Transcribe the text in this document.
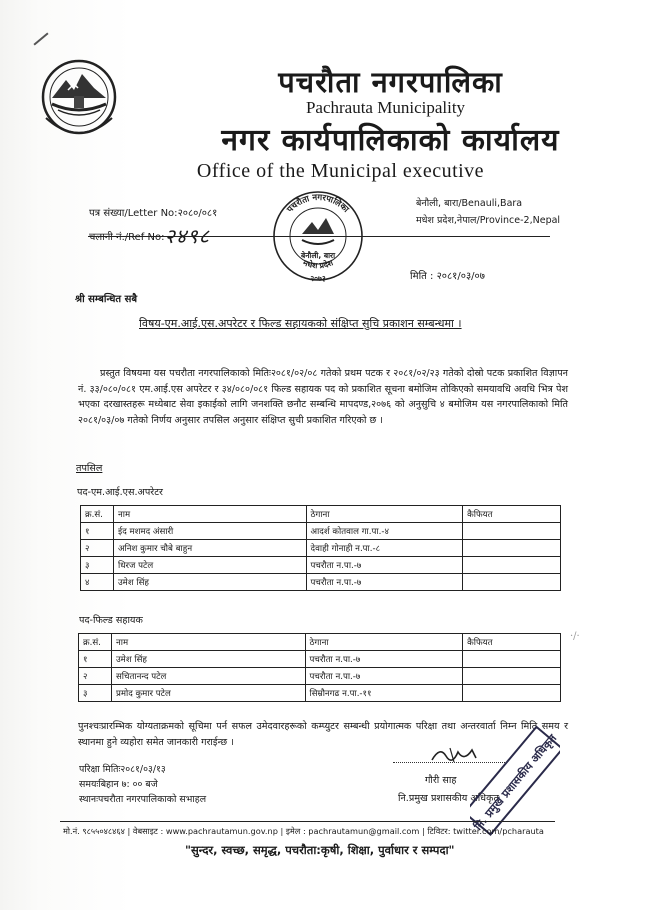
पचरौता नगरपालिका
Pachrauta Municipality
नगर कार्यपालिकाको कार्यालय
Office of the Municipal executive
बेनौली, बारा/Benauli,Bara
मधेश प्रदेश,नेपाल/Province-2,Nepal
पत्र संख्या/Letter No:२०८०/०८१
चलानी नं./Ref No:२४९८
पचरौता नगरपालिका
बेनौली, बारा
मधेश प्रदेश
२०७३	मिति : २०८१/०३/०७
श्री सम्बन्धित सबै
विषय-एम.आई.एस.अपरेटर र फिल्ड सहायकको संक्षिप्त सुचि प्रकाशन सम्बन्धमा ।
प्रस्तुत विषयमा यस पचरौता नगरपालिकाको मितिः२०८१/०२/०८ गतेको प्रथम पटक र २०८१/०२/२३ गतेको दोस्रो पटक प्रकाशित विज्ञापन नं. ३३/०८०/०८१ एम.आई.एस अपरेटर र ३४/०८०/०८१ फिल्ड सहायक पद को प्रकाशित सूचना बमोजिम तोकिएको समयावधि अवधि भित्र पेश भएका दरखास्तहरू मध्येबाट सेवा इकाईको लागि जनशक्ति छनौट सम्बन्धि मापदण्ड,२०७६ को अनुसुचि ४ बमोजिम यस नगरपालिकाको मिति २०८१/०३/०७ गतेको निर्णय अनुसार तपसिल अनुसार संक्षिप्त सुची प्रकाशित गरिएको छ ।
तपसिल
पद-एम.आई.एस.अपरेटर
क्र.सं.	नाम	ठेगाना	कैफियत
१	ईद मशमद अंसारी	आदर्श कोतवाल गा.पा.-४	
२	अनिश कुमार चौबे बाहुन	देवाही गोनाही न.पा.-८	
३	धिरज पटेल	पचरौता न.पा.-७	
४	उमेश सिंह	पचरौता न.पा.-७	
पद-फिल्ड सहायक
क्र.सं.	नाम	ठेगाना	कैफियत
१	उमेश सिंह	पचरौता न.पा.-७	
२	सचितानन्द पटेल	पचरौता न.पा.-७	
३	प्रमोद कुमार पटेल	सिम्रौनगढ न.पा.-११	
·/·
पुनश्चःप्रारम्भिक योग्यताक्रमको सूचिमा पर्न सफल उमेदवारहरूको कम्प्युटर सम्बन्धी प्रयोगात्मक परिक्षा तथा अन्तरवार्ता निम्न मिति समय र स्थानमा हुने व्यहोरा समेत जानकारी गराईन्छ ।
परिक्षा मितिः२०८१/०३/१३
समयःबिहान ७: ०० बजे
स्थानःपचरौता नगरपालिकाको सभाहल
गौरी साह
नि.प्रमुख प्रशासकीय अधिकृत
नि. प्रमुख प्रशासकीय अधिकृत
मो.नं. ९८५५०४८४६४ | वेबसाइट : www.pachrautamun.gov.np | इमेल : pachrautamun@gmail.com | टिविटर: twitter.com/pcharauta
"सुन्दर, स्वच्छ, समृद्ध, पचरौता:कृषी, शिक्षा, पुर्वाधार र सम्पदा"
